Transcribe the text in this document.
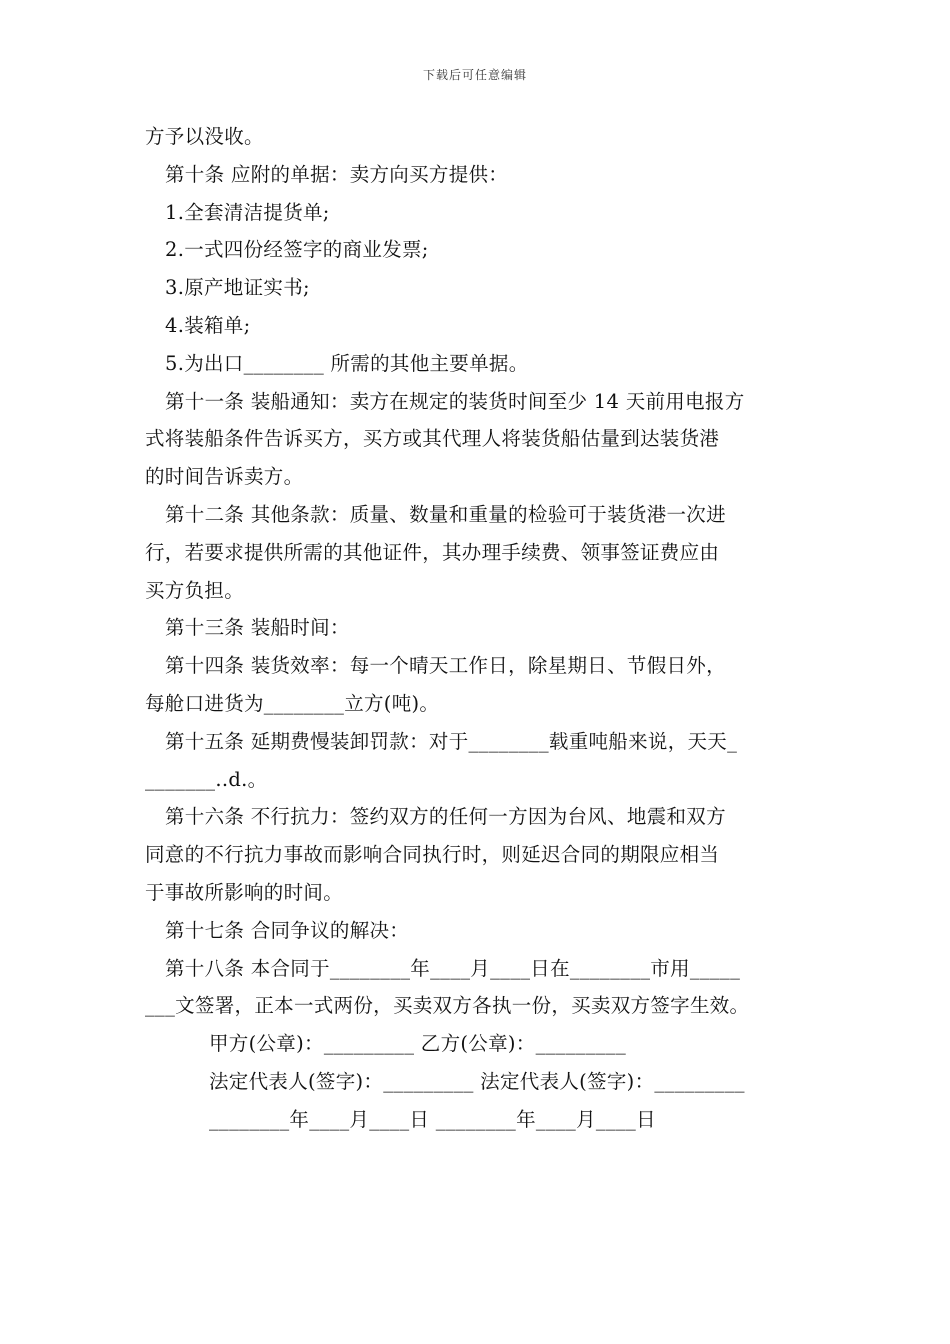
下载后可任意编辑

方予以没收。

第十条 应附的单据：卖方向买方提供：

1.全套清洁提货单;

2.一式四份经签字的商业发票;

3.原产地证实书;

4.装箱单;

5.为出口________ 所需的其他主要单据。

第十一条 装船通知：卖方在规定的装货时间至少 14 天前用电报方

式将装船条件告诉买方，买方或其代理人将装货船估量到达装货港

的时间告诉卖方。

第十二条 其他条款：质量、数量和重量的检验可于装货港一次进

行，若要求提供所需的其他证件，其办理手续费、领事签证费应由

买方负担。

第十三条 装船时间：

第十四条 装货效率：每一个晴天工作日，除星期日、节假日外，

每舱口进货为________立方(吨)。

第十五条 延期费慢装卸罚款：对于________载重吨船来说，天天_

_______..d.。

第十六条 不行抗力：签约双方的任何一方因为台风、地震和双方

同意的不行抗力事故而影响合同执行时，则延迟合同的期限应相当

于事故所影响的时间。

第十七条 合同争议的解决：

第十八条 本合同于________年____月____日在________市用_____

___文签署，正本一式两份，买卖双方各执一份，买卖双方签字生效。

甲方(公章)：_________ 乙方(公章)：_________

法定代表人(签字)：_________ 法定代表人(签字)：_________

________年____月____日 ________年____月____日
